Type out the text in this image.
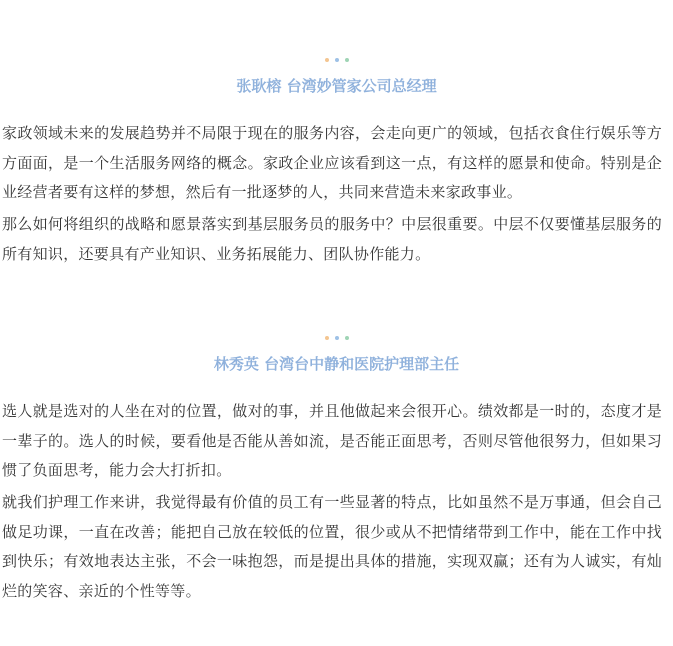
张耿榕 台湾妙管家公司总经理

家政领域未来的发展趋势并不局限于现在的服务内容，会走向更广的领域，包括衣食住行娱乐等方方面面，是一个生活服务网络的概念。家政企业应该看到这一点，有这样的愿景和使命。特别是企业经营者要有这样的梦想，然后有一批逐梦的人，共同来营造未来家政事业。

那么如何将组织的战略和愿景落实到基层服务员的服务中？中层很重要。中层不仅要懂基层服务的所有知识，还要具有产业知识、业务拓展能力、团队协作能力。

林秀英 台湾台中静和医院护理部主任

选人就是选对的人坐在对的位置，做对的事，并且他做起来会很开心。绩效都是一时的，态度才是一辈子的。选人的时候，要看他是否能从善如流，是否能正面思考，否则尽管他很努力，但如果习惯了负面思考，能力会大打折扣。

就我们护理工作来讲，我觉得最有价值的员工有一些显著的特点，比如虽然不是万事通，但会自己做足功课，一直在改善；能把自己放在较低的位置，很少或从不把情绪带到工作中，能在工作中找到快乐；有效地表达主张，不会一味抱怨，而是提出具体的措施，实现双赢；还有为人诚实，有灿烂的笑容、亲近的个性等等。
